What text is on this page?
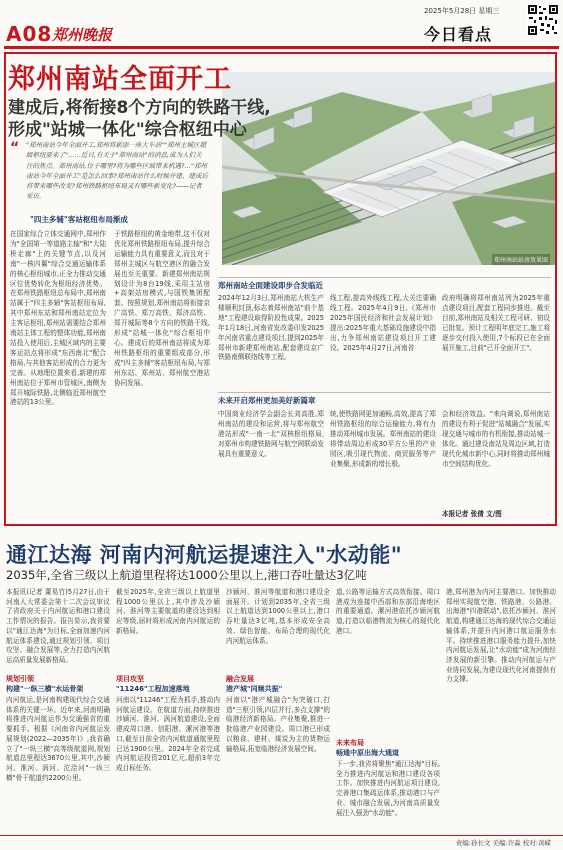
A08 郑州晚报
2025年5月28日 星期三
今日看点
郑州南站站房效果图
郑州南站全面开工
建成后,将衔接8个方向的铁路干线,
形成"站城一体化"综合枢纽中心
“ "郑州南站今年全面开工,郑州将新添一座大车站""郑州主城区超级枢纽要来了"……近日,有关于"郑州南站"的消息,成为人们关注的焦点。郑州南站,位于哪里?将为哪些区域带来机遇?…"郑州南站今年全面开工"是怎么回事?郑州南站什么时候开建、建成后将带来哪些改变?郑州铁路枢纽布局又有哪些新变化?——记者采访。
"四主多辅"客站枢纽布局渐成
在国家综合立体交通网中,郑州作为"全国第一等道路主轴"和"大陆桥走廊"上的关键节点,以及河南"一核四翼"综合交通运输体系的核心枢纽城市,正全力推动交通区位优势转化为枢纽经济优势。在郑州铁路枢纽总布局中,郑州南站属于"四主多辅"客站枢纽布局,其中郑州东站和郑州南站定位为主客运枢纽,郑州站需要结合郑州南站主体工程的整体功能,郑州南站投入使用后,主城区域内的主要客运站点将形成"东西南北"配合格局,与其他客站形成的合力更为完善。从地理位置来看,新建的郑州南站位于郑州市管城区,南侧为郑开城际铁路,北侧临近郑州航空港站的13公里。
于铁路枢纽的黄金地带,这不仅对优化郑州铁路枢纽布局,提升综合运输能力具有重要意义,而且对于郑州主城区与航空港区的融合发展也至关重要。新建郑州南站规划设计为8台19线,采用主站房+高架站房模式,与国铁集团配套。按照规划,郑州南站将衔接京广高铁、郑万高铁、郑济高铁、郑开城际等8个方向的铁路干线,形成"站城一体化"综合枢纽中心。建成后的郑州南站将成为郑州铁路枢纽的重要组成部分,形成"四主多辅"客站枢纽布局,与郑州东站、郑州站、郑州航空港站协同发展。
郑州南站全面建设即步合发临近
2024年12月3日,郑州南站大机生产楼顺利封顶,标志着郑州南站"前个基地"工程建设取得阶段性成果。2025年1月18日,河南省发改委印发2025年河南省重点建设项目,提到2025年郑州市新建郑州南站,配套建设京广铁路南侧联络线等工程。
线工程,提高外线线工程,大关注要确线工程。2025年4月9日,《郑州市2025年国民经济和社会发展计划》提出:2025年重大基础设施建设中指出,力争郑州南站建设项目开工建设。2025年4月27日,河南省
政府明确将郑州南站列为2025年重点建设项目,配套工程同步推进。截至目前,郑州南站及相关工程可研、初设已批复。预计工程明年底完工,施工将逐步交付投入使用,7个标段已在全面展开施工,目前"已开全面开工"。
未来开启郑州更加美好新篇章
中国商业经济学会副会长刘高胜,郑州南站的建设和运营,将与郑州航空港站形成"一南一北"双核枢纽格局,对郑州市构建铁路网与航空网联动发展具有重要意义。
统,使铁路网更加通畅,高效,提高了郑州铁路枢纽的综合运输能力,将有力推动郑州城市发展。郑州南站的建设将带动周边形成30平方公里的产业园区,吸引现代物流、商贸服务等产业集聚,形成新的增长极。
会和经济效益。"来向调说,郑州南站的建设有利于促进"站城融合"发展,实现交通与城市的有机衔接,推动站城一体化。通过建设南站及周边区域,打造现代化城市新中心,同时将推动郑州城市空间结构优化。
本报记者 张倩 文/图
通江达海 河南内河航运提速注入"水动能"
2035年,全省三级以上航道里程将达1000公里以上,港口吞吐量达3亿吨
本报讯(记者 董易竹)5月27日,由于河南人大常委会第十二次会议审议了省政府关于内河航运和港口建设工作情况的报告。报告显示,我省要以"通江达海"为目标,全面加速内河航运体系建设,通过规划引领、项目攻坚、融合发展等,全力打造内河航运高质量发展新格局。
规划引领
构建"一纵三横"水运骨架
内河航运,是河南构建现代综合交通体系的关键一环。近年来,河南明确将推进内河航运作为交通强省的重要抓手。根据《河南省内河航运发展规划(2022—2035年)》,我省确立了"一纵三横"高等级航道网,规划航道总里程达3670公里,其中,沙颍河、淮河、涡河、沱浍河"一纵三横"骨干航道约2200公里。
截至2025年,全省三级以上航道里程1000公里以上,其中涉及沙颍河、淮河等主要航道的建设达到相应等级,届时将形成河南内河航运的新格局。
项目攻坚
"11246"工程加速落地
河南以"11246"工程为抓手,推动内河航运建设。在航道方面,持续推进沙颍河、淮河、涡河航道建设,全面建成周口港、信阳港、漯河港等港口,截至目前全省内河航道通航里程已达1900公里。2024年全省完成内河航运投资201亿元,超前3年完成目标任务。
沙颍河、淮河等航道和港口建设全面展开。计划到2035年,全省三级以上航道达到1000公里以上,港口吞吐量达3亿吨,基本形成安全高效、绿色智能、布局合理的现代化内河航运体系。
融合发展
港产城"同频共振"
河南以"港产城融合"为突破口,打造"三枢引领,四层并行,多点支撑"的临港经济新格局。产业集聚,推进一批临港产业园建设。周口港已形成以粮食、建材、煤炭为主的货物运输格局,拓宽临港经济发展空间。
道,公路等运输方式高效衔接。周口港成为连接中西部和东部沿海地区的重要通道。漯河港依托沙颍河航道,打造以临港物流为核心的现代化港口。
未来布局
畅通中原出海大通道
下一步,我省将聚焦"通江达海"目标,全力推进内河航运和港口建设各项工作。加快推进内河航运项目建设,完善港口集疏运体系,推动港口与产业、城市融合发展,为河南高质量发展注入强劲"水动能"。
港,郑州港为内河主要港口。加快推动郑州实现航空港、铁路港、公路港、出海港"四港联动",依托沙颍河、淮河航道,构建通江达海的现代综合交通运输体系,并提升内河港口航运服务水平。持续推进港口服务能力提升,加快内河航运发展,让"水动能"成为河南经济发展的新引擎。推动内河航运与产业协同发展,为建设现代化河南提供有力支撑。
责编:孙长文 美编:许淼 校对:黄嵘
